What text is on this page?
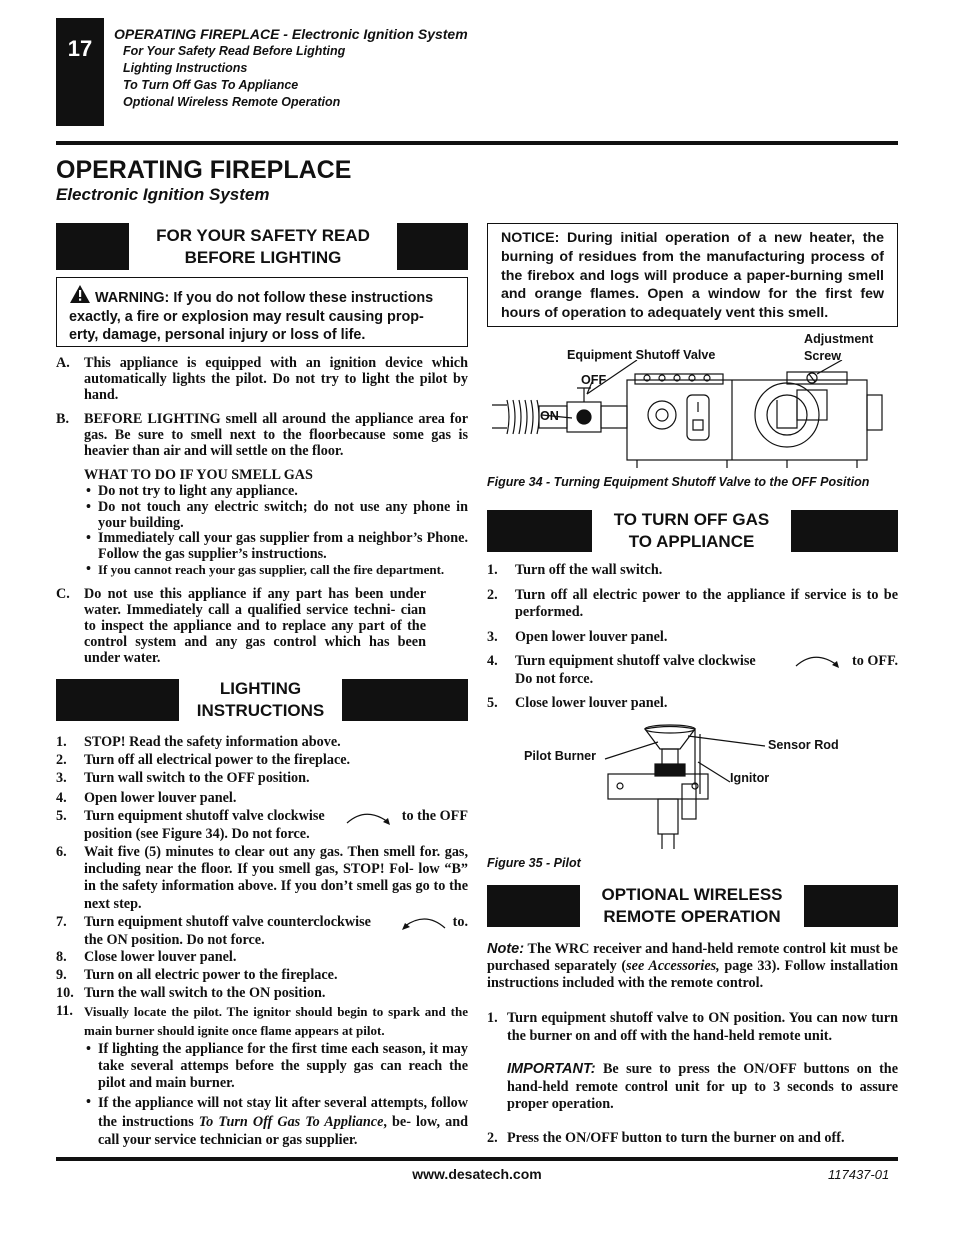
17
OPERATING FIREPLACE - Electronic Ignition System
For Your Safety Read Before Lighting
Lighting Instructions
To Turn Off Gas To Appliance
Optional Wireless Remote Operation
OPERATING FIREPLACE
Electronic Ignition System
FOR YOUR SAFETY READ
BEFORE LIGHTING
WARNING: If you do not follow these instructions
exactly, a fire or explosion may result causing prop-
erty, damage, personal injury or loss of life.
A. This appliance is equipped with an ignition device which automatically lights the pilot. Do not try to light the pilot by hand.
B. BEFORE LIGHTING smell all around the appliance area for gas. Be sure to smell next to the floorbecause some gas is heavier than air and will settle on the floor.
WHAT TO DO IF YOU SMELL GAS
• Do not try to light any appliance.
• Do not touch any electric switch; do not use any phone in your building.
• Immediately call your gas supplier from a neighbor’s Phone. Follow the gas supplier’s instructions.
• If you cannot reach your gas supplier, call the fire department.
C. Do not use this appliance if any part has been under water. Immediately call a qualified service techni- cian to inspect the appliance and to replace any part of the control system and any gas control which has been under water.
LIGHTING
INSTRUCTIONS
1. STOP! Read the safety information above.
2. Turn off all electrical power to the fireplace.
3. Turn wall switch to the OFF position.
4. Open lower louver panel.
5. Turn equipment shutoff valve clockwise	to the OFF
position (see Figure 34). Do not force.
6. Wait five (5) minutes to clear out any gas. Then smell for. gas, including near the floor. If you smell gas, STOP! Fol- low “B” in the safety information above. If you don’t smell gas go to the next step.
7. Turn equipment shutoff valve counterclockwise	to.
the ON position. Do not force.
8. Close lower louver panel.
9. Turn on all electric power to the fireplace.
10. Turn the wall switch to the ON position.
11. Visually locate the pilot. The ignitor should begin to spark and the main burner should ignite once flame appears at pilot.
• If lighting the appliance for the first time each season, it may take several attemps before the supply gas can reach the pilot and main burner.
• If the appliance will not stay lit after several attempts, follow the instructions To Turn Off Gas To Appliance, be- low, and call your service technician or gas supplier.
NOTICE: During initial operation of a new heater, the burning of residues from the manufacturing process of the firebox and logs will produce a paper-burning smell and orange flames. Open a window for the first few hours of operation to adequately vent this smell.
Equipment Shutoff Valve
Adjustment
Screw
OFF
ON
Figure 34 - Turning Equipment Shutoff Valve to the OFF Position
TO TURN OFF GAS
TO APPLIANCE
1. Turn off the wall switch.
2. Turn off all electric power to the appliance if service is to be performed.
3. Open lower louver panel.
4. Turn equipment shutoff valve clockwise	to OFF.
Do not force.
5. Close lower louver panel.
Pilot Burner
Sensor Rod
Ignitor
Figure 35 - Pilot
OPTIONAL WIRELESS
REMOTE OPERATION
Note: The WRC receiver and hand-held remote control kit must be purchased separately (see Accessories, page 33). Follow installation instructions included with the remote control.
1. Turn equipment shutoff valve to ON position. You can now turn the burner on and off with the hand-held remote unit.
IMPORTANT: Be sure to press the ON/OFF buttons on the hand-held remote control unit for up to 3 seconds to assure proper operation.
2. Press the ON/OFF button to turn the burner on and off.
www.desatech.com	117437-01
